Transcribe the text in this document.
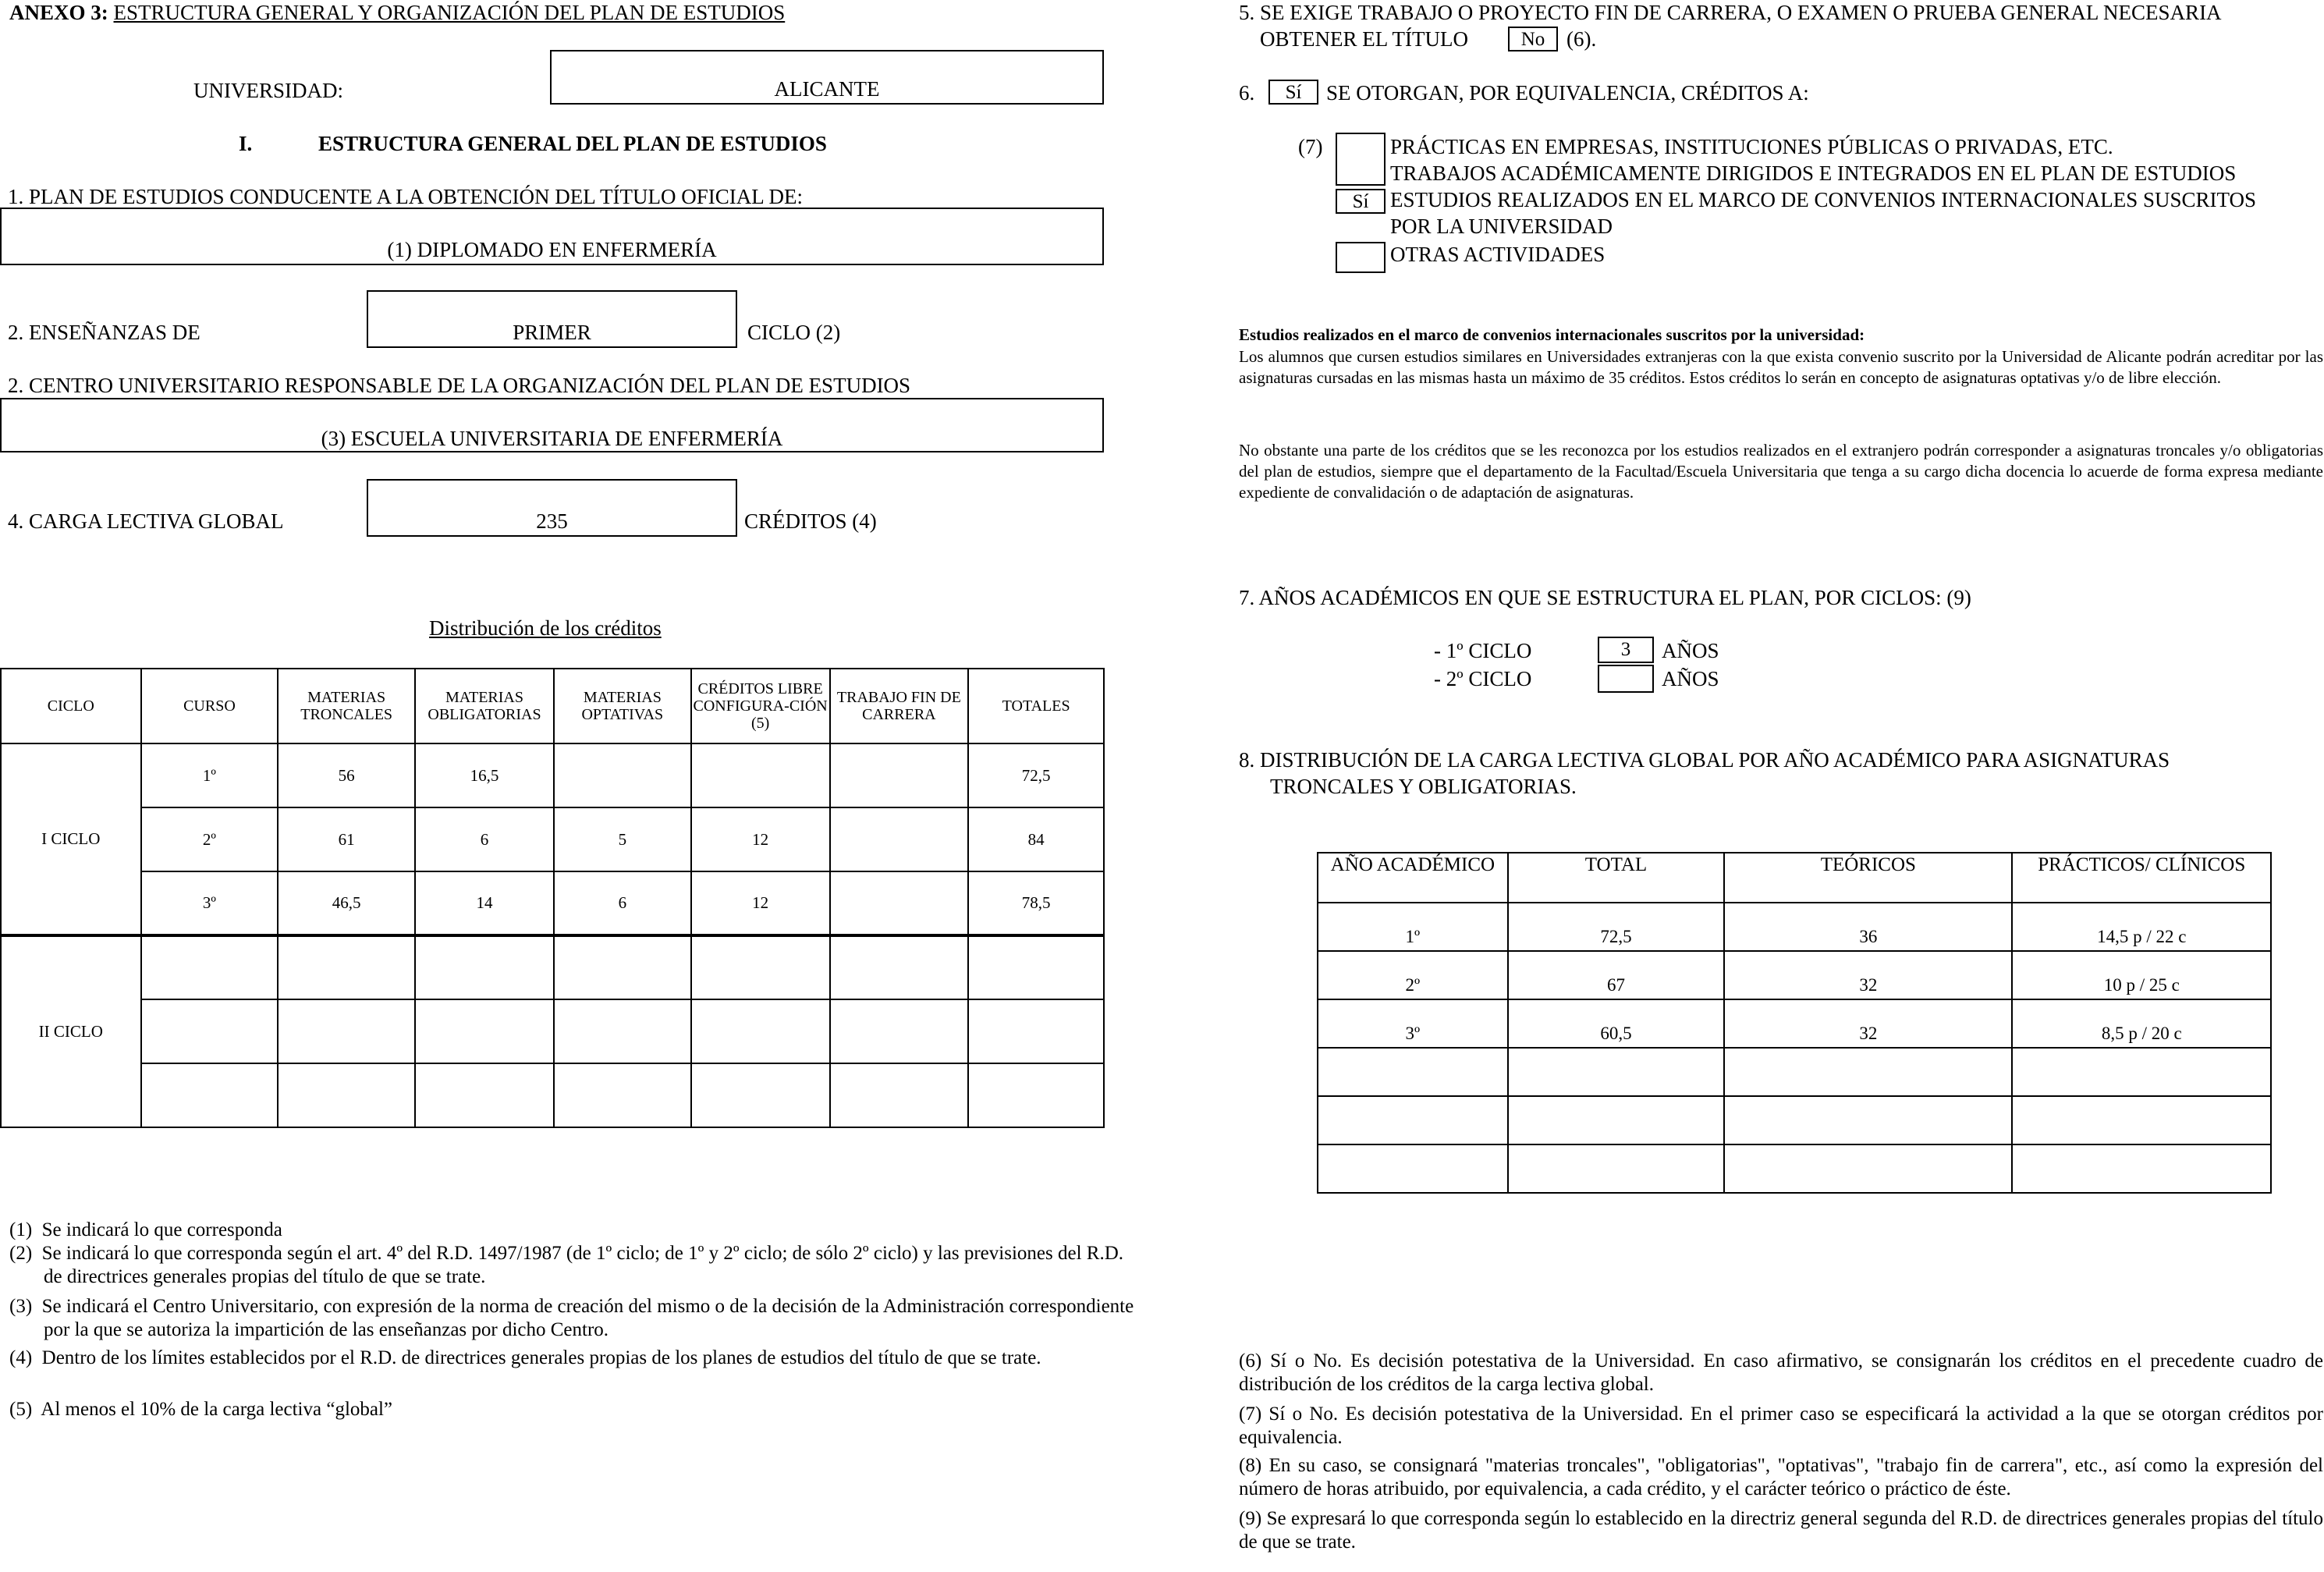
ANEXO 3: ESTRUCTURA GENERAL Y ORGANIZACIÓN DEL PLAN DE ESTUDIOS
UNIVERSIDAD:	ALICANTE
I.	ESTRUCTURA GENERAL DEL PLAN DE ESTUDIOS
1. PLAN DE ESTUDIOS CONDUCENTE A LA OBTENCIÓN DEL TÍTULO OFICIAL DE:
(1) DIPLOMADO EN ENFERMERÍA
2. ENSEÑANZAS DE	PRIMER	CICLO (2)
2. CENTRO UNIVERSITARIO RESPONSABLE DE LA ORGANIZACIÓN DEL PLAN DE ESTUDIOS
(3) ESCUELA UNIVERSITARIA DE ENFERMERÍA
4. CARGA LECTIVA GLOBAL	235	CRÉDITOS (4)
Distribución de los créditos
CICLO	CURSO	MATERIAS TRONCALES	MATERIAS OBLIGATORIAS	MATERIAS OPTATIVAS	CRÉDITOS LIBRE CONFIGURA-CIÓN (5)	TRABAJO FIN DE CARRERA	TOTALES
I CICLO	1º	56	16,5				72,5
	2º	61	6	5	12		84
	3º	46,5	14	6	12		78,5
II CICLO							

(1) Se indicará lo que corresponda
(2) Se indicará lo que corresponda según el art. 4º del R.D. 1497/1987 (de 1º ciclo; de 1º y 2º ciclo; de sólo 2º ciclo) y las previsiones del R.D. de directrices generales propias del título de que se trate.
(3) Se indicará el Centro Universitario, con expresión de la norma de creación del mismo o de la decisión de la Administración correspondiente por la que se autoriza la impartición de las enseñanzas por dicho Centro.
(4) Dentro de los límites establecidos por el R.D. de directrices generales propias de los planes de estudios del título de que se trate.
(5) Al menos el 10% de la carga lectiva “global”
5. SE EXIGE TRABAJO O PROYECTO FIN DE CARRERA, O EXAMEN O PRUEBA GENERAL NECESARIA
OBTENER EL TÍTULO	No	(6).
6.	Sí	SE OTORGAN, POR EQUIVALENCIA, CRÉDITOS A:
(7)
Sí
PRÁCTICAS EN EMPRESAS, INSTITUCIONES PÚBLICAS O PRIVADAS, ETC.
TRABAJOS ACADÉMICAMENTE DIRIGIDOS E INTEGRADOS EN EL PLAN DE ESTUDIOS
ESTUDIOS REALIZADOS EN EL MARCO DE CONVENIOS INTERNACIONALES SUSCRITOS
POR LA UNIVERSIDAD
OTRAS ACTIVIDADES
Estudios realizados en el marco de convenios internacionales suscritos por la universidad:
Los alumnos que cursen estudios similares en Universidades extranjeras con la que exista convenio suscrito por la Universidad de Alicante podrán acreditar por las asignaturas cursadas en las mismas hasta un máximo de 35 créditos. Estos créditos lo serán en concepto de asignaturas optativas y/o de libre elección.
No obstante una parte de los créditos que se les reconozca por los estudios realizados en el extranjero podrán corresponder a asignaturas troncales y/o obligatorias del plan de estudios, siempre que el departamento de la Facultad/Escuela Universitaria que tenga a su cargo dicha docencia lo acuerde de forma expresa mediante expediente de convalidación o de adaptación de asignaturas.
7. AÑOS ACADÉMICOS EN QUE SE ESTRUCTURA EL PLAN, POR CICLOS: (9)
- 1º CICLO	3	AÑOS
- 2º CICLO	AÑOS
8. DISTRIBUCIÓN DE LA CARGA LECTIVA GLOBAL POR AÑO ACADÉMICO PARA ASIGNATURAS
TRONCALES Y OBLIGATORIAS.
AÑO ACADÉMICO	TOTAL	TEÓRICOS	PRÁCTICOS/ CLÍNICOS
1º	72,5	36	14,5 p / 22 c
2º	67	32	10 p / 25 c
3º	60,5	32	8,5 p / 20 c

(6) Sí o No. Es decisión potestativa de la Universidad. En caso afirmativo, se consignarán los créditos en el precedente cuadro de distribución de los créditos de la carga lectiva global.
(7) Sí o No. Es decisión potestativa de la Universidad. En el primer caso se especificará la actividad a la que se otorgan créditos por equivalencia.
(8) En su caso, se consignará "materias troncales", "obligatorias", "optativas", "trabajo fin de carrera", etc., así como la expresión del número de horas atribuido, por equivalencia, a cada crédito, y el carácter teórico o práctico de éste.
(9) Se expresará lo que corresponda según lo establecido en la directriz general segunda del R.D. de directrices generales propias del título de que se trate.
